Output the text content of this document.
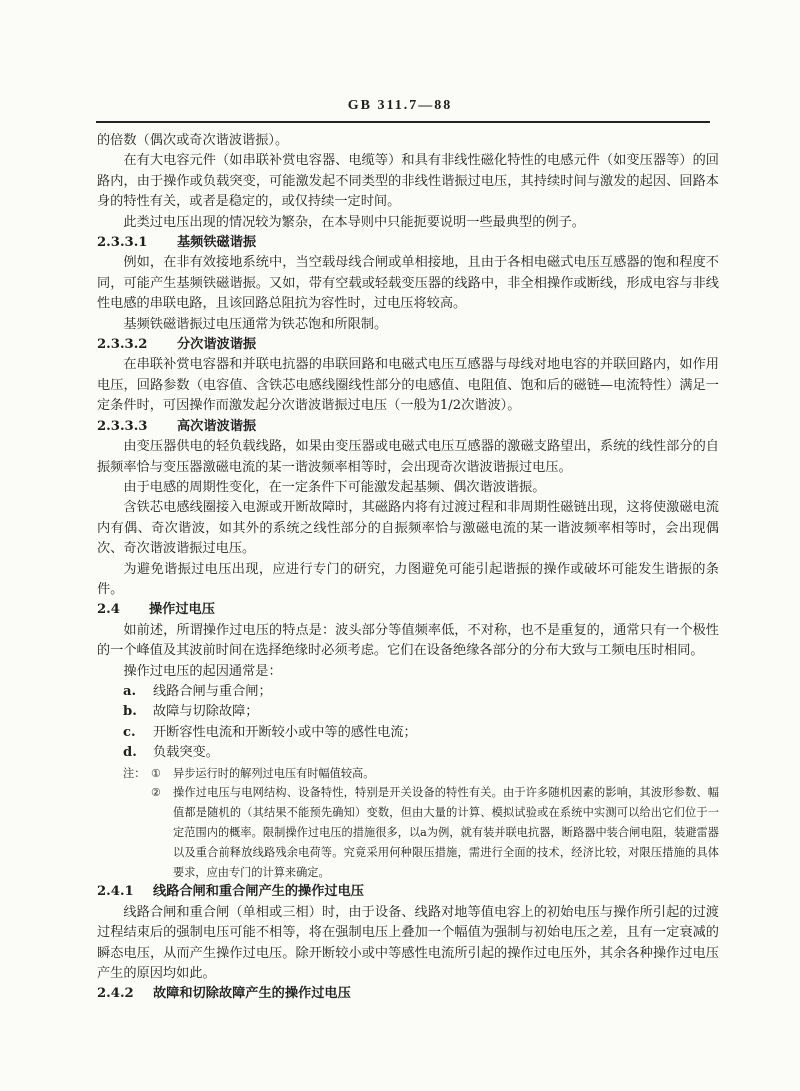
GB 311.7—88

的倍数（偶次或奇次谐波谐振）。

在有大电容元件（如串联补赏电容器、电缆等）和具有非线性磁化特性的电感元件（如变压器等）的回路内，由于操作或负载突变，可能激发起不同类型的非线性谐振过电压，其持续时间与激发的起因、回路本身的特性有关，或者是稳定的，或仅持续一定时间。

此类过电压出现的情况较为繁杂，在本导则中只能扼要说明一些最典型的例子。

2.3.3.1 基频铁磁谐振

例如，在非有效接地系统中，当空载母线合闸或单相接地，且由于各相电磁式电压互感器的饱和程度不同，可能产生基频铁磁谐振。又如，带有空载或轻载变压器的线路中，非全相操作或断线，形成电容与非线性电感的串联电路，且该回路总阻抗为容性时，过电压将较高。

基频铁磁谐振过电压通常为铁芯饱和所限制。

2.3.3.2 分次谐波谐振

在串联补赏电容器和并联电抗器的串联回路和电磁式电压互感器与母线对地电容的并联回路内，如作用电压，回路参数（电容值、含铁芯电感线圈线性部分的电感值、电阻值、饱和后的磁链—电流特性）满足一定条件时，可因操作而激发起分次谐波谐振过电压（一般为1/2次谐波）。

2.3.3.3 高次谐波谐振

由变压器供电的轻负载线路，如果由变压器或电磁式电压互感器的激磁支路望出，系统的线性部分的自振频率恰与变压器激磁电流的某一谐波频率相等时，会出现奇次谐波谐振过电压。

由于电感的周期性变化，在一定条件下可能激发起基频、偶次谐波谐振。

含铁芯电感线圈接入电源或开断故障时，其磁路内将有过渡过程和非周期性磁链出现，这将使激磁电流内有偶、奇次谐波，如其外的系统之线性部分的自振频率恰与激磁电流的某一谐波频率相等时，会出现偶次、奇次谐波谐振过电压。

为避免谐振过电压出现，应进行专门的研究，力图避免可能引起谐振的操作或破坏可能发生谐振的条件。

2.4 操作过电压

如前述，所谓操作过电压的特点是：波头部分等值频率低，不对称，也不是重复的，通常只有一个极性的一个峰值及其波前时间在选择绝缘时必须考虑。它们在设备绝缘各部分的分布大致与工频电压时相同。

操作过电压的起因通常是：

a. 线路合闸与重合闸；

b. 故障与切除故障；

c. 开断容性电流和开断较小或中等的感性电流；

d. 负载突变。

注： ①	异步运行时的解列过电压有时幅值较高。
②	操作过电压与电网结构、设备特性，特别是开关设备的特性有关。由于许多随机因素的影响，其波形参数、幅值都是随机的（其结果不能预先确知）变数，但由大量的计算、模拟试验或在系统中实测可以给出它们位于一定范围内的概率。限制操作过电压的措施很多，以a为例，就有装并联电抗器，断路器中装合闸电阻，装避雷器以及重合前释放线路残余电荷等。究竟采用何种限压措施，需进行全面的技术，经济比较，对限压措施的具体要求，应由专门的计算来确定。

2.4.1 线路合闸和重合闸产生的操作过电压

线路合闸和重合闸（单相或三相）时，由于设备、线路对地等值电容上的初始电压与操作所引起的过渡过程结束后的强制电压可能不相等，将在强制电压上叠加一个幅值为强制与初始电压之差，且有一定衰减的瞬态电压，从而产生操作过电压。除开断较小或中等感性电流所引起的操作过电压外，其余各种操作过电压产生的原因均如此。

2.4.2 故障和切除故障产生的操作过电压
